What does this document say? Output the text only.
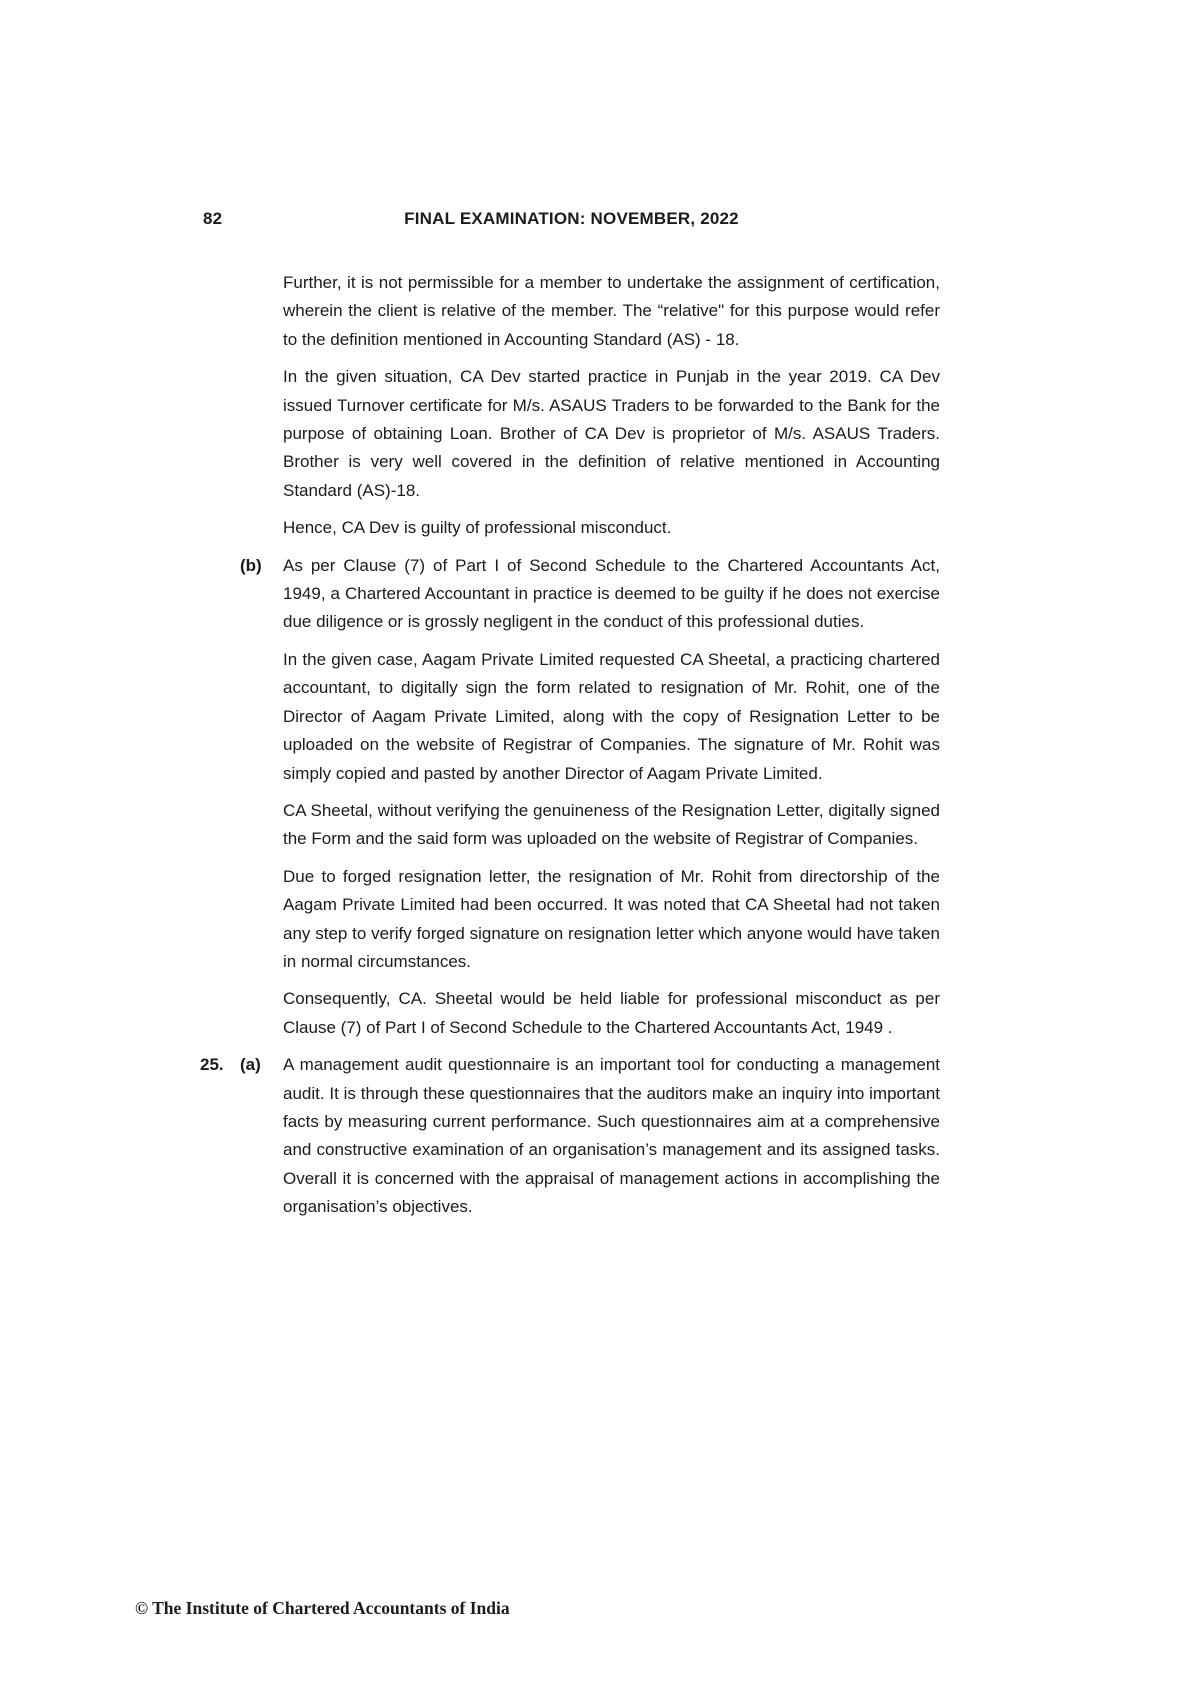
82	FINAL EXAMINATION: NOVEMBER, 2022

Further, it is not permissible for a member to undertake the assignment of certification, wherein the client is relative of the member. The “relative" for this purpose would refer to the definition mentioned in Accounting Standard (AS) - 18.

In the given situation, CA Dev started practice in Punjab in the year 2019. CA Dev issued Turnover certificate for M/s. ASAUS Traders to be forwarded to the Bank for the purpose of obtaining Loan. Brother of CA Dev is proprietor of M/s. ASAUS Traders. Brother is very well covered in the definition of relative mentioned in Accounting Standard (AS)-18.

Hence, CA Dev is guilty of professional misconduct.

(b) As per Clause (7) of Part I of Second Schedule to the Chartered Accountants Act, 1949, a Chartered Accountant in practice is deemed to be guilty if he does not exercise due diligence or is grossly negligent in the conduct of this professional duties.

In the given case, Aagam Private Limited requested CA Sheetal, a practicing chartered accountant, to digitally sign the form related to resignation of Mr. Rohit, one of the Director of Aagam Private Limited, along with the copy of Resignation Letter to be uploaded on the website of Registrar of Companies. The signature of Mr. Rohit was simply copied and pasted by another Director of Aagam Private Limited.

CA Sheetal, without verifying the genuineness of the Resignation Letter, digitally signed the Form and the said form was uploaded on the website of Registrar of Companies.

Due to forged resignation letter, the resignation of Mr. Rohit from directorship of the Aagam Private Limited had been occurred. It was noted that CA Sheetal had not taken any step to verify forged signature on resignation letter which anyone would have taken in normal circumstances.

Consequently, CA. Sheetal would be held liable for professional misconduct as per Clause (7) of Part I of Second Schedule to the Chartered Accountants Act, 1949 .

25. (a) A management audit questionnaire is an important tool for conducting a management audit. It is through these questionnaires that the auditors make an inquiry into important facts by measuring current performance. Such questionnaires aim at a comprehensive and constructive examination of an organisation’s management and its assigned tasks. Overall it is concerned with the appraisal of management actions in accomplishing the organisation’s objectives.

© The Institute of Chartered Accountants of India
